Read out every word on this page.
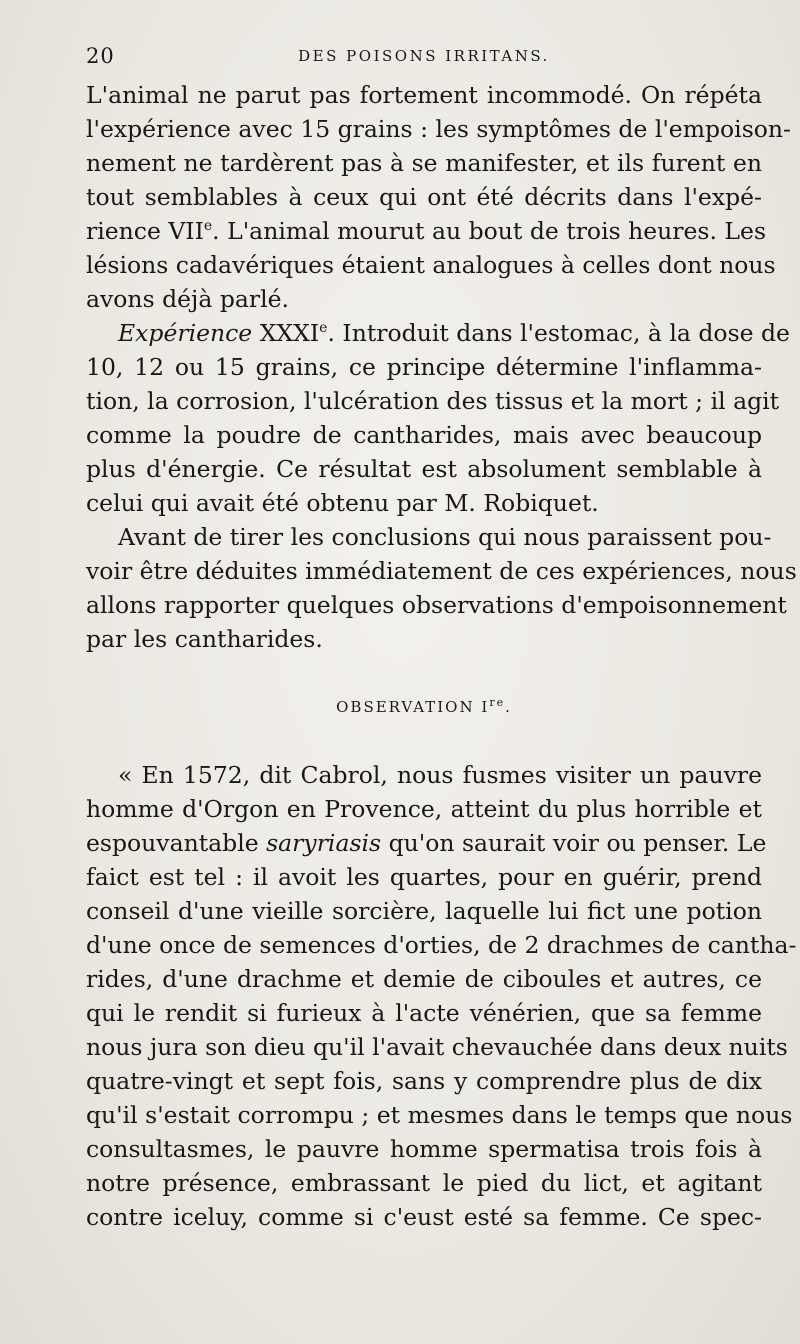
20	DES POISONS IRRITANS.
L'animal ne parut pas fortement incommodé. On répéta
l'expérience avec 15 grains : les symptômes de l'empoison-
nement ne tardèrent pas à se manifester, et ils furent en
tout semblables à ceux qui ont été décrits dans l'expé-
rience VIIe. L'animal mourut au bout de trois heures. Les
lésions cadavériques étaient analogues à celles dont nous
avons déjà parlé.
Expérience XXXIe. Introduit dans l'estomac, à la dose de
10, 12 ou 15 grains, ce principe détermine l'inflamma-
tion, la corrosion, l'ulcération des tissus et la mort ; il agit
comme la poudre de cantharides, mais avec beaucoup
plus d'énergie. Ce résultat est absolument semblable à
celui qui avait été obtenu par M. Robiquet.
Avant de tirer les conclusions qui nous paraissent pou-
voir être déduites immédiatement de ces expériences, nous
allons rapporter quelques observations d'empoisonnement
par les cantharides.
OBSERVATION Ire.
« En 1572, dit Cabrol, nous fusmes visiter un pauvre
homme d'Orgon en Provence, atteint du plus horrible et
espouvantable saryriasis qu'on saurait voir ou penser. Le
faict est tel : il avoit les quartes, pour en guérir, prend
conseil d'une vieille sorcière, laquelle lui fict une potion
d'une once de semences d'orties, de 2 drachmes de cantha-
rides, d'une drachme et demie de ciboules et autres, ce
qui le rendit si furieux à l'acte vénérien, que sa femme
nous jura son dieu qu'il l'avait chevauchée dans deux nuits
quatre-vingt et sept fois, sans y comprendre plus de dix
qu'il s'estait corrompu ; et mesmes dans le temps que nous
consultasmes, le pauvre homme spermatisa trois fois à
notre présence, embrassant le pied du lict, et agitant
contre iceluy, comme si c'eust esté sa femme. Ce spec-
